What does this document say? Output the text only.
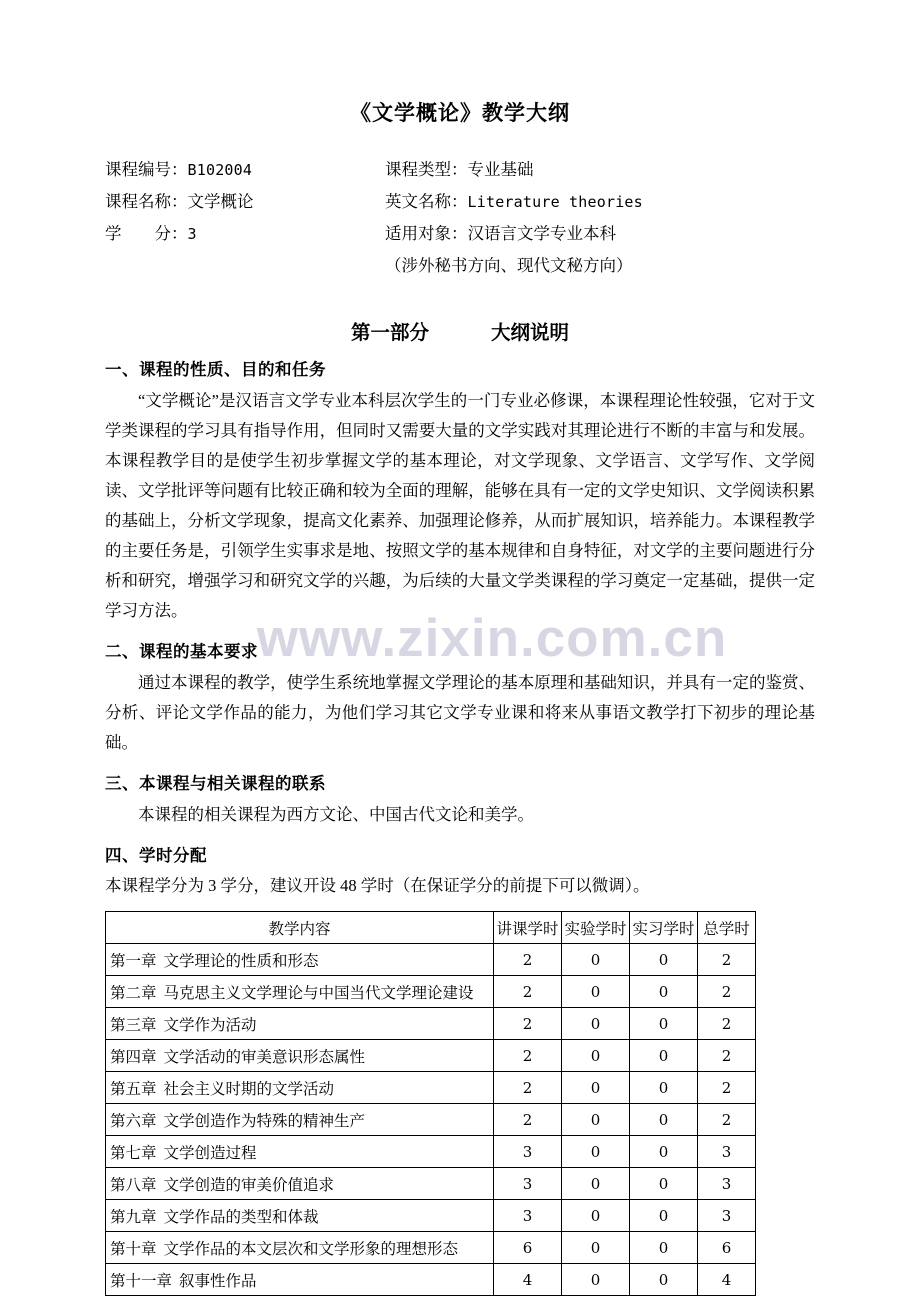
www.zixin.com.cn
《文学概论》教学大纲
课程编号：B102004	课程类型：专业基础
课程名称：文学概论	英文名称：Literature theories
学　　分：3	适用对象：汉语言文学专业本科
（涉外秘书方向、现代文秘方向）
第一部分	大纲说明
一、课程的性质、目的和任务

“文学概论”是汉语言文学专业本科层次学生的一门专业必修课，本课程理论性较强，它对于文学类课程的学习具有指导作用，但同时又需要大量的文学实践对其理论进行不断的丰富与和发展。本课程教学目的是使学生初步掌握文学的基本理论，对文学现象、文学语言、文学写作、文学阅读、文学批评等问题有比较正确和较为全面的理解，能够在具有一定的文学史知识、文学阅读积累的基础上，分析文学现象，提高文化素养、加强理论修养，从而扩展知识，培养能力。本课程教学的主要任务是，引领学生实事求是地、按照文学的基本规律和自身特征，对文学的主要问题进行分析和研究，增强学习和研究文学的兴趣，为后续的大量文学类课程的学习奠定一定基础，提供一定学习方法。

二、课程的基本要求

通过本课程的教学，使学生系统地掌握文学理论的基本原理和基础知识，并具有一定的鉴赏、分析、评论文学作品的能力，为他们学习其它文学专业课和将来从事语文教学打下初步的理论基础。

三、本课程与相关课程的联系

本课程的相关课程为西方文论、中国古代文论和美学。

四、学时分配

本课程学分为 3 学分，建议开设 48 学时（在保证学分的前提下可以微调）。

教学内容	讲课学时	实验学时	实习学时	总学时
第一章 文学理论的性质和形态	2	0	0	2
第二章 马克思主义文学理论与中国当代文学理论建设	2	0	0	2
第三章 文学作为活动	2	0	0	2
第四章 文学活动的审美意识形态属性	2	0	0	2
第五章 社会主义时期的文学活动	2	0	0	2
第六章 文学创造作为特殊的精神生产	2	0	0	2
第七章 文学创造过程	3	0	0	3
第八章 文学创造的审美价值追求	3	0	0	3
第九章 文学作品的类型和体裁	3	0	0	3
第十章 文学作品的本文层次和文学形象的理想形态	6	0	0	6
第十一章 叙事性作品	4	0	0	4
